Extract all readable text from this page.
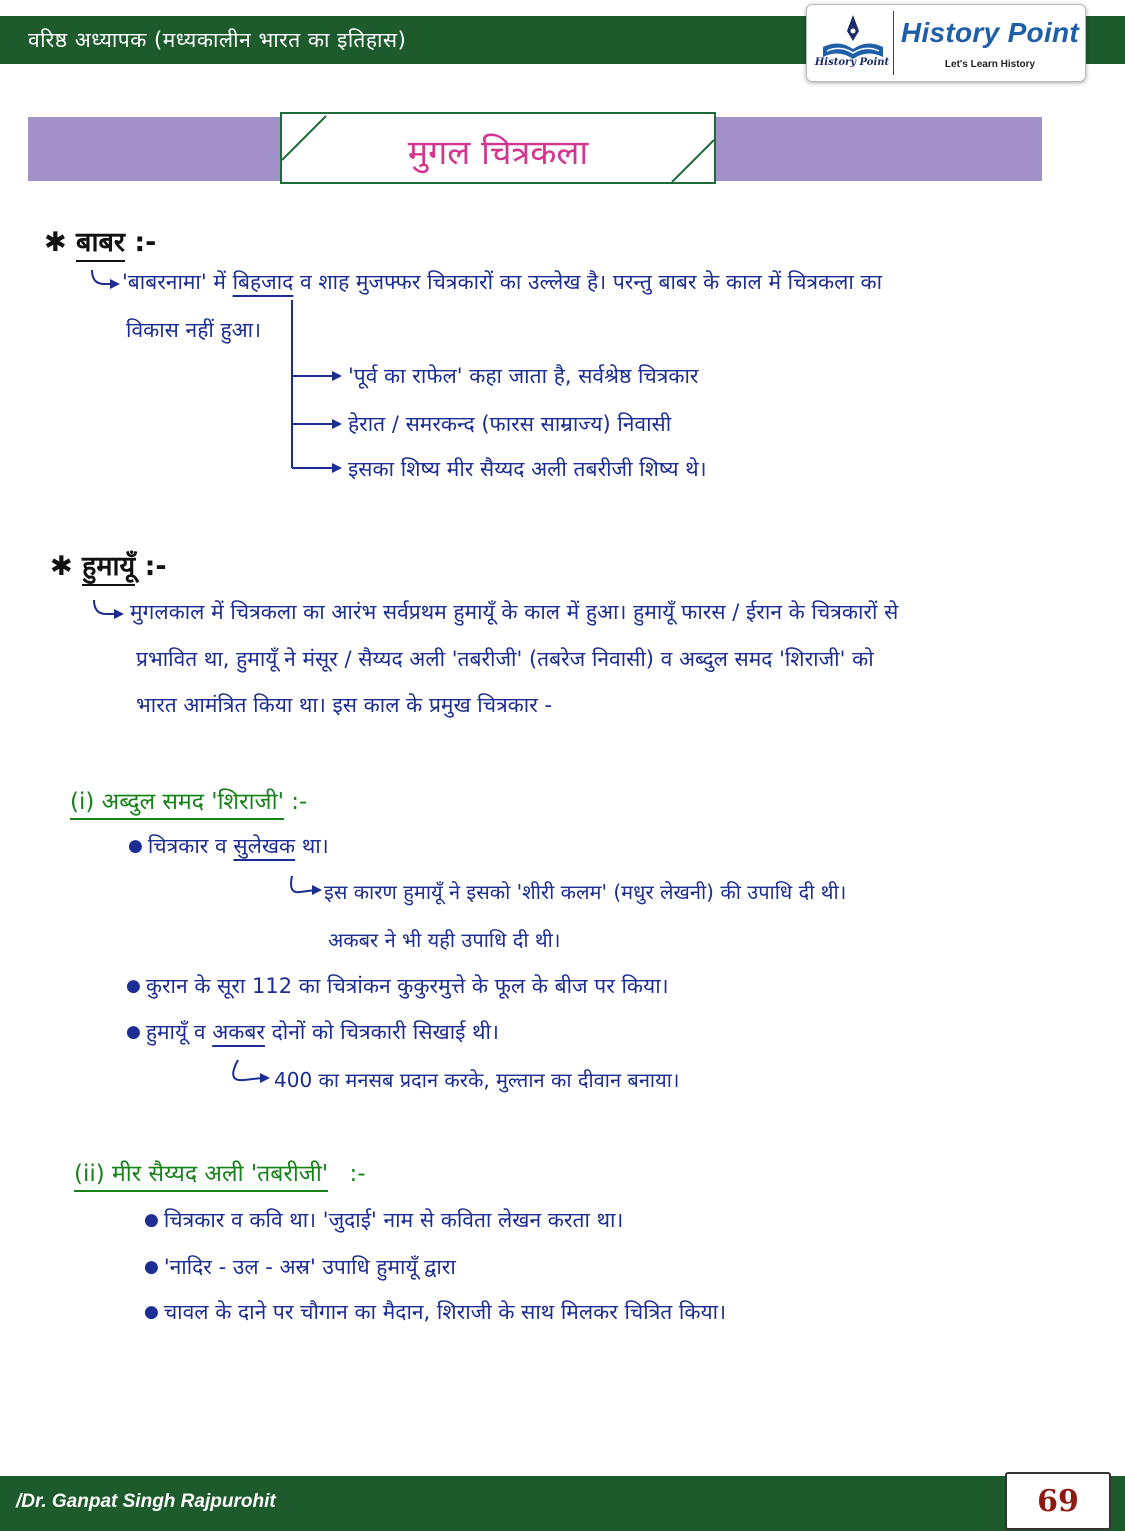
वरिष्ठ अध्यापक (मध्यकालीन भारत का इतिहास)
History Point
History Point
Let's Learn History
मुगल चित्रकला
✱ बाबर :-
'बाबरनामा' में बिहजाद व शाह मुजफ्फर चित्रकारों का उल्लेख है। परन्तु बाबर के काल में चित्रकला का
विकास नहीं हुआ।
'पूर्व का राफेल' कहा जाता है, सर्वश्रेष्ठ चित्रकार
हेरात / समरकन्द (फारस साम्राज्य) निवासी
इसका शिष्य मीर सैय्यद अली तबरीजी शिष्य थे।
✱ हुमायूँ :-
मुगलकाल में चित्रकला का आरंभ सर्वप्रथम हुमायूँ के काल में हुआ। हुमायूँ फारस / ईरान के चित्रकारों से
प्रभावित था, हुमायूँ ने मंसूर / सैय्यद अली 'तबरीजी' (तबरेज निवासी) व अब्दुल समद 'शिराजी' को
भारत आमंत्रित किया था। इस काल के प्रमुख चित्रकार -
(i) अब्दुल समद 'शिराजी' :-
● चित्रकार व सुलेखक था।
इस कारण हुमायूँ ने इसको 'शीरी कलम' (मधुर लेखनी) की उपाधि दी थी।
अकबर ने भी यही उपाधि दी थी।
● कुरान के सूरा 112 का चित्रांकन कुकुरमुत्ते के फूल के बीज पर किया।
● हुमायूँ व अकबर दोनों को चित्रकारी सिखाई थी।
400 का मनसब प्रदान करके, मुल्तान का दीवान बनाया।
(ii) मीर सैय्यद अली 'तबरीजी' :-
● चित्रकार व कवि था। 'जुदाई' नाम से कविता लेखन करता था।
● 'नादिर - उल - अस्र' उपाधि हुमायूँ द्वारा
● चावल के दाने पर चौगान का मैदान, शिराजी के साथ मिलकर चित्रित किया।
/Dr. Ganpat Singh Rajpurohit	69
